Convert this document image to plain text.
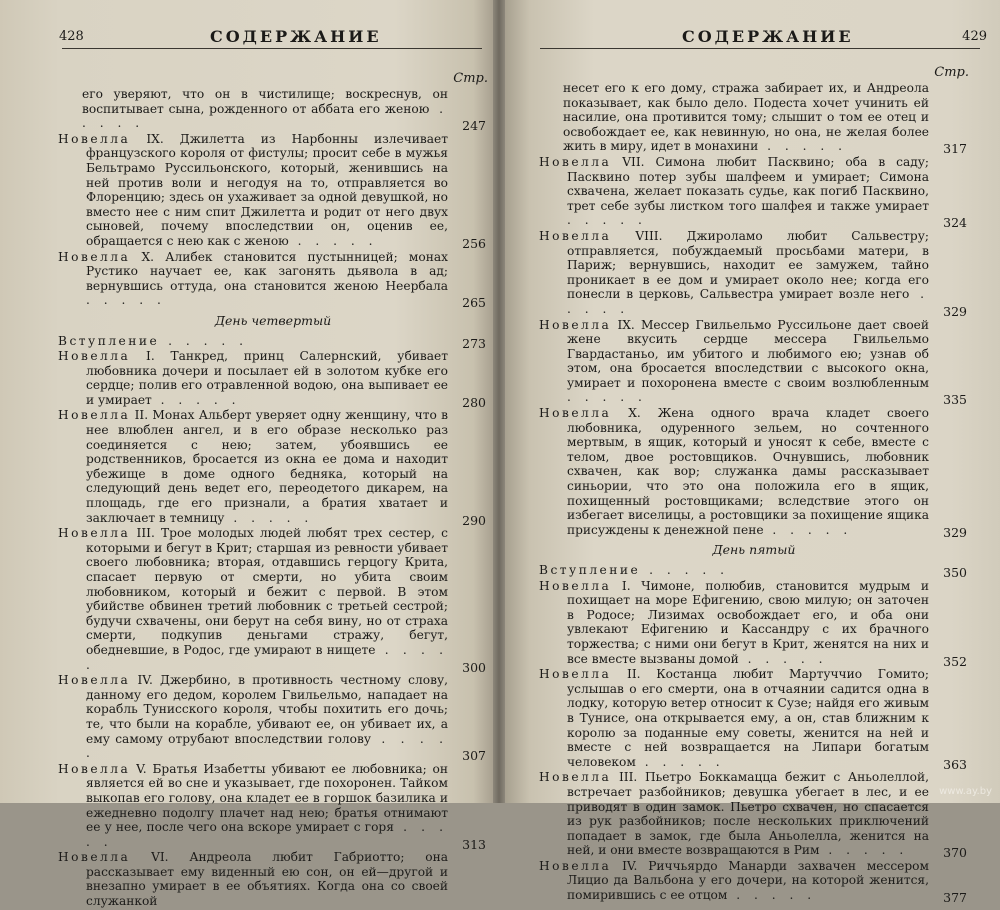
428	СОДЕРЖАНИЕ
Стр.
его уверяют, что он в чистилище; воскреснув, он воспитывает сына, рожденного от аббата его женою . . . . .	247
Новелла IX. Джилетта из Нарбонны излечивает французского короля от фистулы; просит себе в мужья Бельтрамо Руссильонского, который, женившись на ней против воли и негодуя на то, отправляется во Флоренцию; здесь он ухаживает за одной девушкой, но вместо нее с ним спит Джилетта и родит от него двух сыновей, почему впоследствии он, оценив ее, обращается с нею как с женою . . . . .	256
Новелла X. Алибек становится пустынницей; монах Рустико научает ее, как загонять дьявола в ад; вернувшись оттуда, она становится женою Неербала . . . . .	265
День четвертый
Вступление . . . . .	273
Новелла I. Танкред, принц Салернский, убивает любовника дочери и посылает ей в золотом кубке его сердце; полив его отравленной водою, она выпивает ее и умирает . . . . .	280
Новелла II. Монах Альберт уверяет одну женщину, что в нее влюблен ангел, и в его образе несколько раз соединяется с нею; затем, убоявшись ее родственников, бросается из окна ее дома и находит убежище в доме одного бедняка, который на следующий день ведет его, переодетого дикарем, на площадь, где его признали, а братия хватает и заключает в темницу . . . . .	290
Новелла III. Трое молодых людей любят трех сестер, с которыми и бегут в Крит; старшая из ревности убивает своего любовника; вторая, отдавшись герцогу Крита, спасает первую от смерти, но убита своим любовником, который и бежит с первой. В этом убийстве обвинен третий любовник с третьей сестрой; будучи схвачены, они берут на себя вину, но от страха смерти, подкупив деньгами стражу, бегут, обедневшие, в Родос, где умирают в нищете . . . . .	300
Новелла IV. Джербино, в противность честному слову, данному его дедом, королем Гвильельмо, нападает на корабль Тунисского короля, чтобы похитить его дочь; те, что были на корабле, убивают ее, он убивает их, а ему самому отрубают впоследствии голову . . . . .	307
Новелла V. Братья Изабетты убивают ее любовника; он является ей во сне и указывает, где похоронен. Тайком выкопав его голову, она кладет ее в горшок базилика и ежедневно подолгу плачет над нею; братья отнимают ее у нее, после чего она вскоре умирает с горя . . . . .	313
Новелла VI. Андреола любит Габриотто; она рассказывает ему виденный ею сон, он ей—другой и внезапно умирает в ее объятиях. Когда она со своей служанкой
СОДЕРЖАНИЕ	429
Стр.
несет его к его дому, стража забирает их, и Андреола показывает, как было дело. Подеста хочет учинить ей насилие, она противится тому; слышит о том ее отец и освобождает ее, как невинную, но она, не желая более жить в миру, идет в монахини . . . . .	317
Новелла VII. Симона любит Пасквино; оба в саду; Пасквино потер зубы шалфеем и умирает; Симона схвачена, желает показать судье, как погиб Пасквино, трет себе зубы листком того шалфея и также умирает . . . . .	324
Новелла VIII. Джироламо любит Сальвестру; отправляется, побуждаемый просьбами матери, в Париж; вернувшись, находит ее замужем, тайно проникает в ее дом и умирает около нее; когда его понесли в церковь, Сальвестра умирает возле него . . . . .	329
Новелла IX. Мессер Гвильельмо Руссильоне дает своей жене вкусить сердце мессера Гвильельмо Гвардастаньо, им убитого и любимого ею; узнав об этом, она бросается впоследствии с высокого окна, умирает и похоронена вместе с своим возлюбленным . . . . .	335
Новелла X. Жена одного врача кладет своего любовника, одуренного зельем, но сочтенного мертвым, в ящик, который и уносят к себе, вместе с телом, двое ростовщиков. Очнувшись, любовник схвачен, как вор; служанка дамы рассказывает синьории, что это она положила его в ящик, похищенный ростовщиками; вследствие этого он избегает виселицы, а ростовщики за похищение ящика присуждены к денежной пене . . . . .	329
День пятый
Вступление . . . . .	350
Новелла I. Чимоне, полюбив, становится мудрым и похищает на море Ефигению, свою милую; он заточен в Родосе; Лизимах освобождает его, и оба они увлекают Ефигению и Кассандру с их брачного торжества; с ними они бегут в Крит, женятся на них и все вместе вызваны домой . . . . .	352
Новелла II. Костанца любит Мартуччио Гомито; услышав о его смерти, она в отчаянии садится одна в лодку, которую ветер относит к Сузе; найдя его живым в Тунисе, она открывается ему, а он, став ближним к королю за поданные ему советы, женится на ней и вместе с ней возвращается на Липари богатым человеком . . . . .	363
Новелла III. Пьетро Боккамацца бежит с Аньолеллой, встречает разбойников; девушка убегает в лес, и ее приводят в один замок. Пьетро схвачен, но спасается из рук разбойников; после нескольких приключений попадает в замок, где была Аньолелла, женится на ней, и они вместе возвращаются в Рим . . . . .	370
Новелла IV. Риччьярдо Манарди захвачен мессером Лицио да Вальбона у его дочери, на которой женится, помирившись с ее отцом . . . . .	377
www.ay.by
